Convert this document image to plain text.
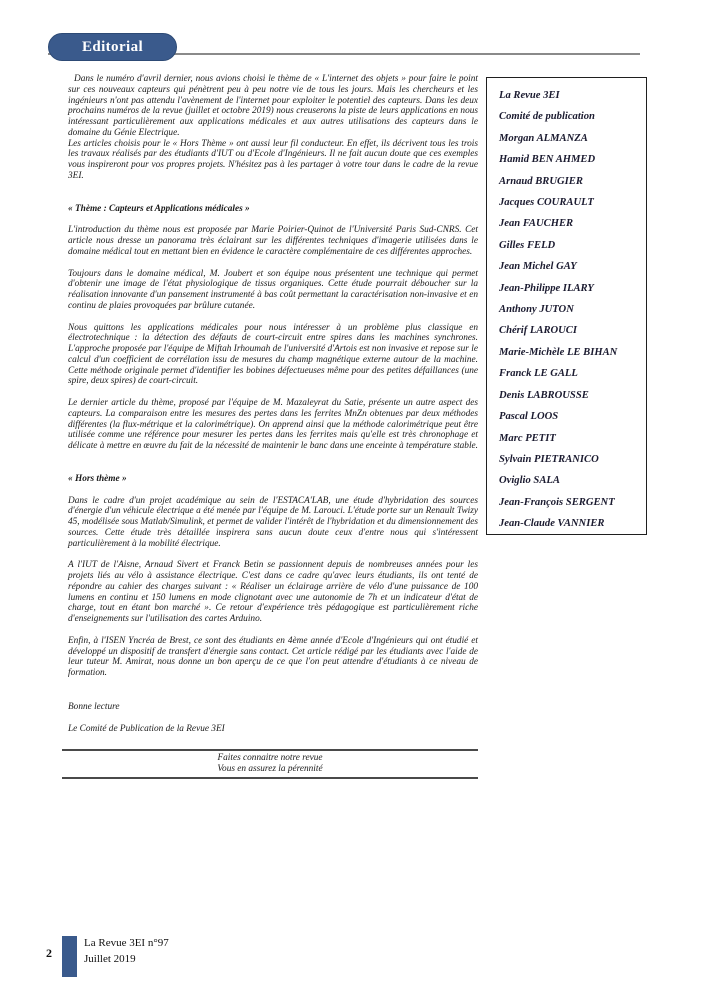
Editorial

Dans le numéro d'avril dernier, nous avions choisi le thème de « L'internet des objets » pour faire le point sur ces nouveaux capteurs qui pénètrent peu à peu notre vie de tous les jours. Mais les chercheurs et les ingénieurs n'ont pas attendu l'avènement de l'internet pour exploiter le potentiel des capteurs. Dans les deux prochains numéros de la revue (juillet et octobre 2019) nous creuserons la piste de leurs applications en nous intéressant particulièrement aux applications médicales et aux autres utilisations des capteurs dans le domaine du Génie Electrique.

Les articles choisis pour le « Hors Thème » ont aussi leur fil conducteur. En effet, ils décrivent tous les trois les travaux réalisés par des étudiants d'IUT ou d'Ecole d'Ingénieurs. Il ne fait aucun doute que ces exemples vous inspireront pour vos propres projets. N'hésitez pas à les partager à votre tour dans le cadre de la revue 3EI.

« Thème : Capteurs et Applications médicales »

L'introduction du thème nous est proposée par Marie Poirier-Quinot de l'Université Paris Sud-CNRS. Cet article nous dresse un panorama très éclairant sur les différentes techniques d'imagerie utilisées dans le domaine médical tout en mettant bien en évidence le caractère complémentaire de ces différentes approches.

Toujours dans le domaine médical, M. Joubert et son équipe nous présentent une technique qui permet d'obtenir une image de l'état physiologique de tissus organiques. Cette étude pourrait déboucher sur la réalisation innovante d'un pansement instrumenté à bas coût permettant la caractérisation non-invasive et en continu de plaies provoquées par brûlure cutanée.

Nous quittons les applications médicales pour nous intéresser à un problème plus classique en électrotechnique : la détection des défauts de court-circuit entre spires dans les machines synchrones. L'approche proposée par l'équipe de Miftah Irhoumah de l'université d'Artois est non invasive et repose sur le calcul d'un coefficient de corrélation issu de mesures du champ magnétique externe autour de la machine. Cette méthode originale permet d'identifier les bobines défectueuses même pour des petites défaillances (une spire, deux spires) de court-circuit.

Le dernier article du thème, proposé par l'équipe de M. Mazaleyrat du Satie, présente un autre aspect des capteurs. La comparaison entre les mesures des pertes dans les ferrites MnZn obtenues par deux méthodes différentes (la flux-métrique et la calorimétrique). On apprend ainsi que la méthode calorimétrique peut être utilisée comme une référence pour mesurer les pertes dans les ferrites mais qu'elle est très chronophage et délicate à mettre en œuvre du fait de la nécessité de maintenir le banc dans une enceinte à température stable.

« Hors thème »

Dans le cadre d'un projet académique au sein de l'ESTACA'LAB, une étude d'hybridation des sources d'énergie d'un véhicule électrique a été menée par l'équipe de M. Larouci. L'étude porte sur un Renault Twizy 45, modélisée sous Matlab/Simulink, et permet de valider l'intérêt de l'hybridation et du dimensionnement des sources. Cette étude très détaillée inspirera sans aucun doute ceux d'entre nous qui s'intéressent particulièrement à la mobilité électrique.

A l'IUT de l'Aisne, Arnaud Sivert et Franck Betin se passionnent depuis de nombreuses années pour les projets liés au vélo à assistance électrique. C'est dans ce cadre qu'avec leurs étudiants, ils ont tenté de répondre au cahier des charges suivant : « Réaliser un éclairage arrière de vélo d'une puissance de 100 lumens en continu et 150 lumens en mode clignotant avec une autonomie de 7h et un indicateur d'état de charge, tout en étant bon marché ». Ce retour d'expérience très pédagogique est particulièrement riche d'enseignements sur l'utilisation des cartes Arduino.

Enfin, à l'ISEN Yncréa de Brest, ce sont des étudiants en 4ème année d'Ecole d'Ingénieurs qui ont étudié et développé un dispositif de transfert d'énergie sans contact. Cet article rédigé par les étudiants avec l'aide de leur tuteur M. Amirat, nous donne un bon aperçu de ce que l'on peut attendre d'étudiants à ce niveau de formation.

Bonne lecture

Le Comité de Publication de la Revue 3EI

Faites connaitre notre revue
Vous en assurez la pérennité
La Revue 3EI
Comité de publication
Morgan ALMANZA
Hamid BEN AHMED
Arnaud BRUGIER
Jacques COURAULT
Jean FAUCHER
Gilles FELD
Jean Michel GAY
Jean-Philippe ILARY
Anthony JUTON
Chérif LAROUCI
Marie-Michèle LE BIHAN
Franck LE GALL
Denis LABROUSSE
Pascal LOOS
Marc PETIT
Sylvain PIETRANICO
Oviglio SALA
Jean-François SERGENT
Jean-Claude VANNIER
2
La Revue 3EI n°97
Juillet 2019
